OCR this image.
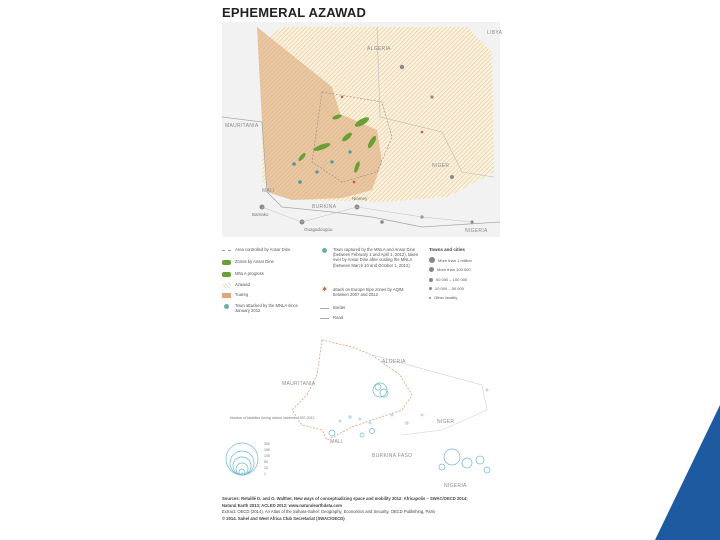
EPHEMERAL AZAWAD
LIBYA
ALGERIA
MAURITANIA
MALI
NIGER
BURKINA
NIGERIA
Bamako
Ouagadougou
Niamey
Area controlled by Ansar Dine
Zones by Ansar Dine
MNLA progress
Azawad
Tuareg
Town attacked by the MNLA since January 2012
Town captured by the MNLA and Ansar Dine (between February 1 and April 1, 2012), taken over by Ansar Dine after ousting the MNLA (between March 10 and October 1, 2012)
✱	attack on Europe tripe zones by AQIM between 2007 and 2012
Border
Road
Towns and cities
More than 1 million
More than 100 000
50 000 – 100 000
20 000 – 50 000
Other locality
ALGERIA
MAURITANIA
MALI
NIGER
BURKINA FASO
NIGERIA
Number of fatalities during violent incidents 1997-2012
300
150
100
50
10
1
Sources: Retaillé D. and O. Walther, New ways of conceptualizing space and mobility 2012: Africapolis – SWAC/OECD 2014;
Natural Earth 2013; ACLED 2012; www.naturalearthdata.com
Extract: OECD (2014), An Atlas of the Sahara-Sahel: Geography, Economics and Security, OECD Publishing, Paris
© 2014. Sahel and West Africa Club Secretariat (SWAC/OECD)
